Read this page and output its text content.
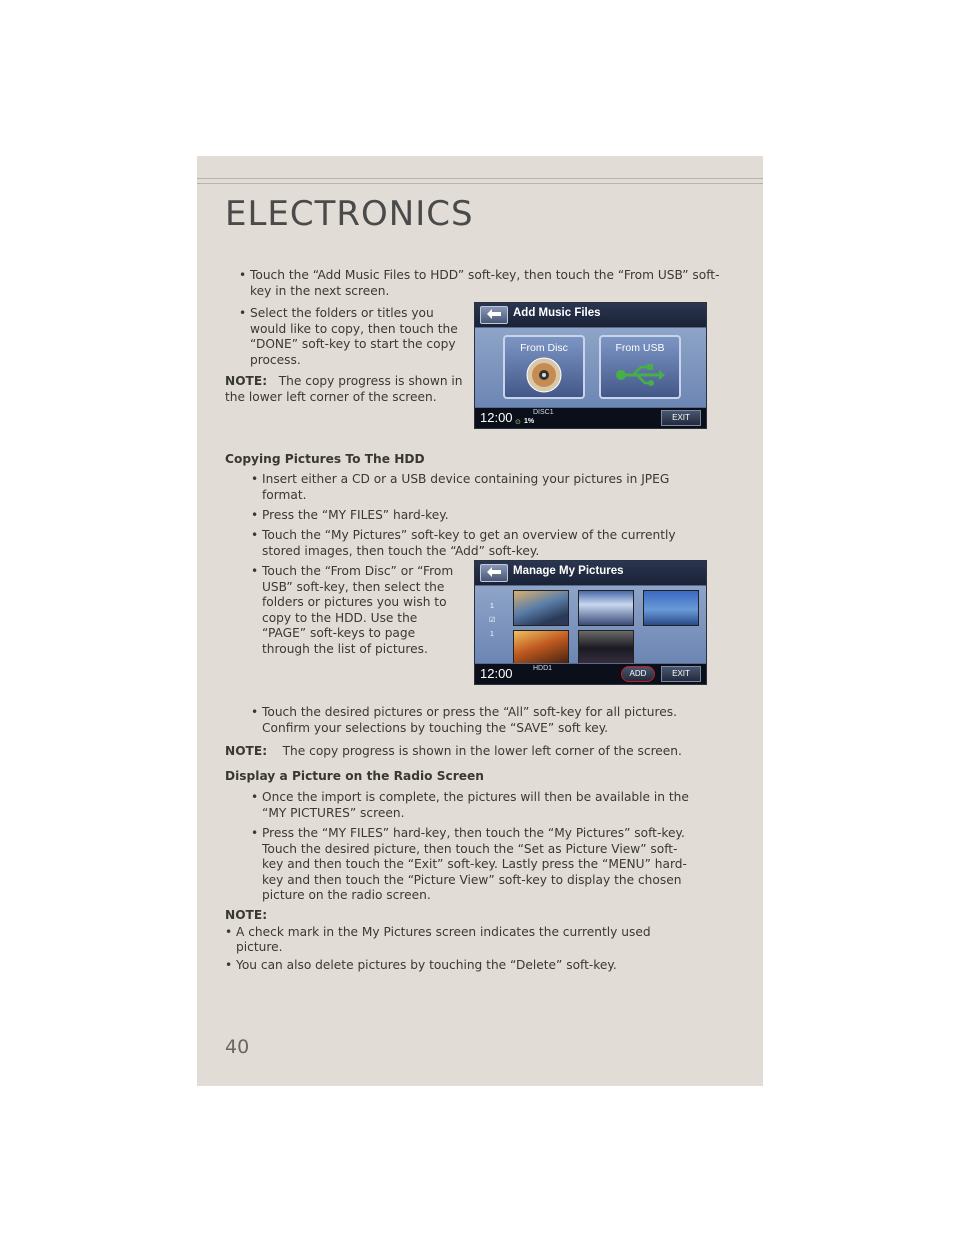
ELECTRONICS
• Touch the “Add Music Files to HDD” soft-key, then touch the “From USB” soft-key in the next screen.
• Select the folders or titles you would like to copy, then touch the “DONE” soft-key to start the copy process.
NOTE: The copy progress is shown in the lower left corner of the screen.
Add Music Files
From Disc	From USB
12:00	DISC1
⊙ 1%	EXIT
Copying Pictures To The HDD
• Insert either a CD or a USB device containing your pictures in JPEG format.
• Press the “MY FILES” hard-key.
• Touch the “My Pictures” soft-key to get an overview of the currently stored images, then touch the “Add” soft-key.
• Touch the “From Disc” or “From USB” soft-key, then select the folders or pictures you wish to copy to the HDD. Use the “PAGE” soft-keys to page through the list of pictures.
• Touch the desired pictures or press the “All” soft-key for all pictures. Confirm your selections by touching the “SAVE” soft key.
Manage My Pictures
1
☑
1
12:00	HDD1
ADD	EXIT
NOTE: The copy progress is shown in the lower left corner of the screen.
Display a Picture on the Radio Screen
• Once the import is complete, the pictures will then be available in the “MY PICTURES” screen.
• Press the “MY FILES” hard-key, then touch the “My Pictures” soft-key. Touch the desired picture, then touch the “Set as Picture View” soft-key and then touch the “Exit” soft-key. Lastly press the “MENU” hard-key and then touch the “Picture View” soft-key to display the chosen picture on the radio screen.
NOTE:
• A check mark in the My Pictures screen indicates the currently used picture.
• You can also delete pictures by touching the “Delete” soft-key.
40
